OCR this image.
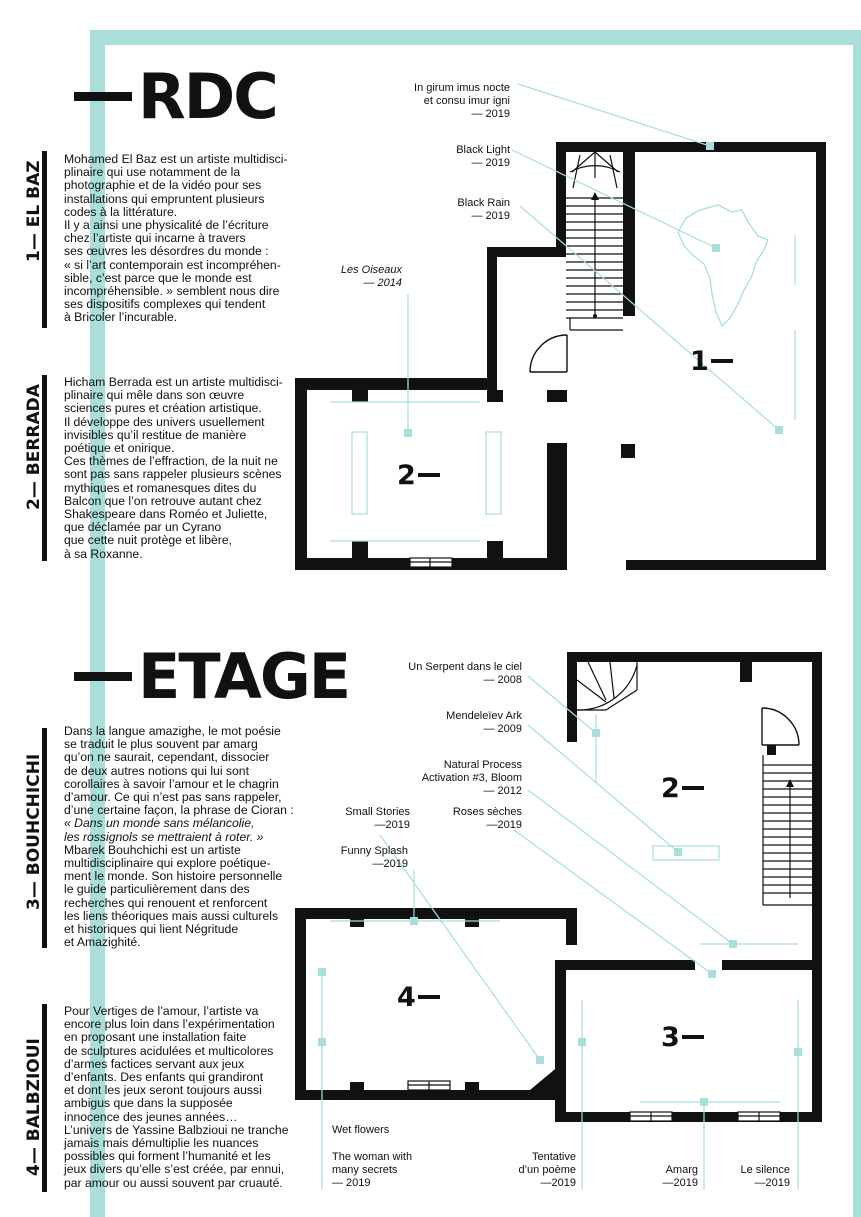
RDC
1— EL BAZ

Mohamed El Baz est un artiste multidisci-
plinaire qui use notamment de la
photographie et de la vidéo pour ses
installations qui empruntent plusieurs
codes à la littérature.
Il y a ainsi une physicalité de l’écriture
chez l’artiste qui incarne à travers
ses œuvres les désordres du monde :
« si l’art contemporain est incompréhen-
sible, c’est parce que le monde est
incompréhensible. » semblent nous dire
ses dispositifs complexes qui tendent
à Bricoler l’incurable.

2— BERRADA

Hicham Berrada est un artiste multidisci-
plinaire qui mêle dans son œuvre
sciences pures et création artistique.
Il développe des univers usuellement
invisibles qu’il restitue de manière
poétique et onirique.
Ces thèmes de l’effraction, de la nuit ne
sont pas sans rappeler plusieurs scènes
mythiques et romanesques dites du
Balcon que l’on retrouve autant chez
Shakespeare dans Roméo et Juliette,
que déclamée par un Cyrano
que cette nuit protège et libère,
à sa Roxanne.

1
2
In girum imus nocte
et consu imur igni
— 2019
Black Light
— 2019
Black Rain
— 2019
Les Oiseaux
— 2014
ETAGE
3— BOUHCHICHI

Dans la langue amazighe, le mot poésie
se traduit le plus souvent par amarg
qu’on ne saurait, cependant, dissocier
de deux autres notions qui lui sont
corollaires à savoir l’amour et le chagrin
d’amour. Ce qui n’est pas sans rappeler,
d’une certaine façon, la phrase de Cioran :
« Dans un monde sans mélancolie,
les rossignols se mettraient à roter. »
Mbarek Bouhchichi est un artiste
multidisciplinaire qui explore poétique-
ment le monde. Son histoire personnelle
le guide particulièrement dans des
recherches qui renouent et renforcent
les liens théoriques mais aussi culturels
et historiques qui lient Négritude
et Amazighité.

4— BALBZIOUI

Pour Vertiges de l’amour, l’artiste va
encore plus loin dans l’expérimentation
en proposant une installation faite
de sculptures acidulées et multicolores
d’armes factices servant aux jeux
d’enfants. Des enfants qui grandiront
et dont les jeux seront toujours aussi
ambigus que dans la supposée
innocence des jeunes années…
L’univers de Yassine Balbzioui ne tranche
jamais mais démultiplie les nuances
possibles qui forment l’humanité et les
jeux divers qu’elle s’est créée, par ennui,
par amour ou aussi souvent par cruauté.

2
3
4
Un Serpent dans le ciel
— 2008
Mendeleïev Ark
— 2009
Natural Process
Activation #3, Bloom
— 2012
Small Stories
—2019
Roses sèches
—2019
Funny Splash
—2019
Wet flowers
The woman with
many secrets
— 2019
Tentative
d’un poème
—2019
Amarg
—2019
Le silence
—2019
